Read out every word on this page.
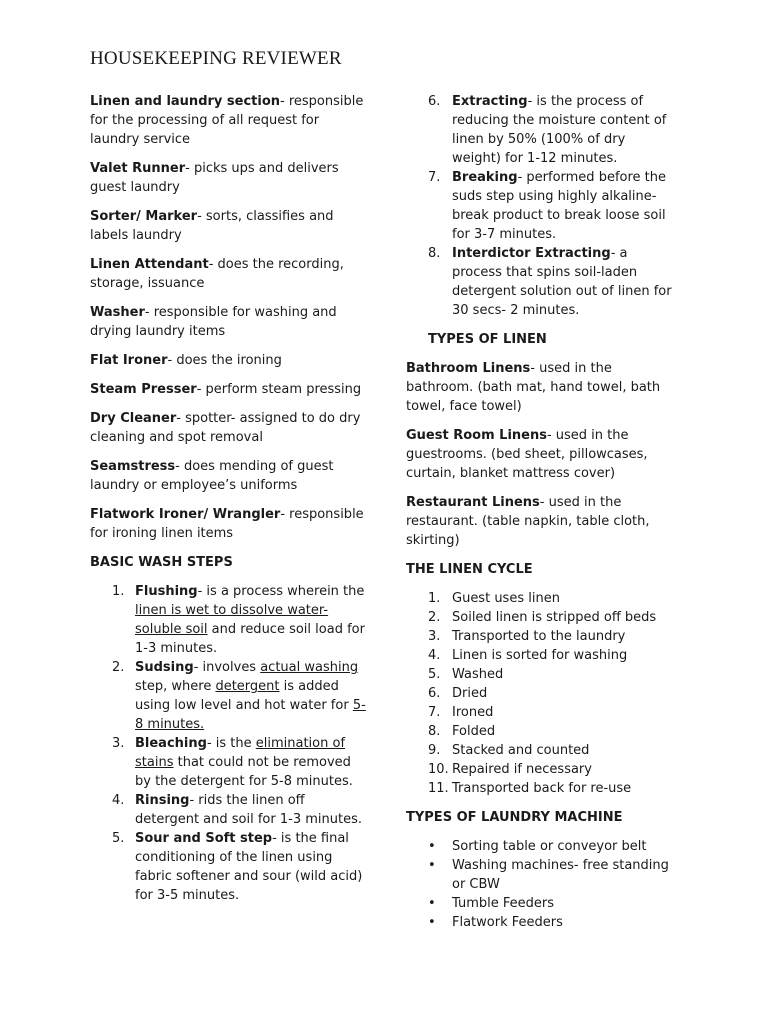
HOUSEKEEPING REVIEWER

Linen and laundry section- responsible for the processing of all request for laundry service

Valet Runner- picks ups and delivers guest laundry

Sorter/ Marker- sorts, classifies and labels laundry

Linen Attendant- does the recording, storage, issuance

Washer- responsible for washing and drying laundry items

Flat Ironer- does the ironing

Steam Presser- perform steam pressing

Dry Cleaner- spotter- assigned to do dry cleaning and spot removal

Seamstress- does mending of guest laundry or employee’s uniforms

Flatwork Ironer/ Wrangler- responsible for ironing linen items

BASIC WASH STEPS
1. Flushing- is a process wherein the linen is wet to dissolve water-soluble soil and reduce soil load for 1-3 minutes.
2. Sudsing- involves actual washing step, where detergent is added using low level and hot water for 5-8 minutes.
3. Bleaching- is the elimination of stains that could not be removed by the detergent for 5-8 minutes.
4. Rinsing- rids the linen off detergent and soil for 1-3 minutes.
5. Sour and Soft step- is the final conditioning of the linen using fabric softener and sour (wild acid) for 3-5 minutes.
6. Extracting- is the process of reducing the moisture content of linen by 50% (100% of dry weight) for 1-12 minutes.
7. Breaking- performed before the suds step using highly alkaline-break product to break loose soil for 3-7 minutes.
8. Interdictor Extracting- a process that spins soil-laden detergent solution out of linen for 30 secs- 2 minutes.
TYPES OF LINEN

Bathroom Linens- used in the bathroom. (bath mat, hand towel, bath towel, face towel)

Guest Room Linens- used in the guestrooms. (bed sheet, pillowcases, curtain, blanket mattress cover)

Restaurant Linens- used in the restaurant. (table napkin, table cloth, skirting)

THE LINEN CYCLE
1. Guest uses linen
2. Soiled linen is stripped off beds
3. Transported to the laundry
4. Linen is sorted for washing
5. Washed
6. Dried
7. Ironed
8. Folded
9. Stacked and counted
10. Repaired if necessary
11. Transported back for re-use
TYPES OF LAUNDRY MACHINE
• Sorting table or conveyor belt
• Washing machines- free standing or CBW
• Tumble Feeders
• Flatwork Feeders
